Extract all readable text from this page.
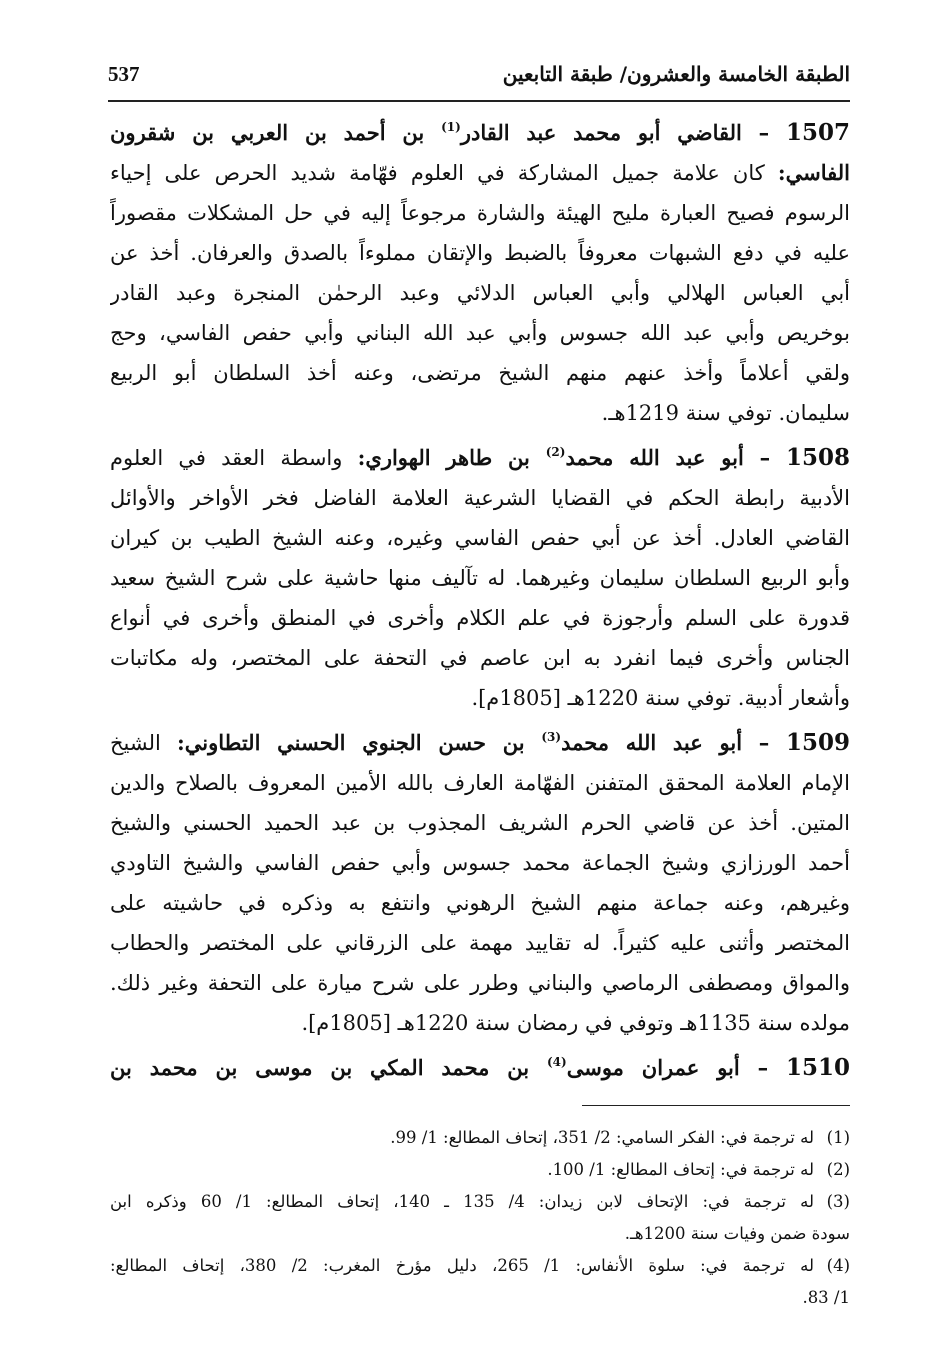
الطبقة الخامسة والعشرون/ طبقة التابعين
537
1507 – القاضي أبو محمد عبد القادر$^{(1)}$ بن أحمد بن العربي بن شقرون
الفاسي: كان علامة جميل المشاركة في العلوم فهّامة شديد الحرص على إحياء
الرسوم فصيح العبارة مليح الهيئة والشارة مرجوعاً إليه في حل المشكلات مقصوراً
عليه في دفع الشبهات معروفاً بالضبط والإتقان مملوءاً بالصدق والعرفان. أخذ عن
أبي العباس الهلالي وأبي العباس الدلائي وعبد الرحمٰن المنجرة وعبد القادر
بوخريص وأبي عبد الله جسوس وأبي عبد الله البناني وأبي حفص الفاسي، وحج
ولقي أعلاماً وأخذ عنهم منهم الشيخ مرتضى، وعنه أخذ السلطان أبو الربيع
سليمان. توفي سنة 1219هـ.
1508 – أبو عبد الله محمد$^{(2)}$ بن طاهر الهواري: واسطة العقد في العلوم
الأدبية رابطة الحكم في القضايا الشرعية العلامة الفاضل فخر الأواخر والأوائل
القاضي العادل. أخذ عن أبي حفص الفاسي وغيره، وعنه الشيخ الطيب بن كيران
وأبو الربيع السلطان سليمان وغيرهما. له تآليف منها حاشية على شرح الشيخ سعيد
قدورة على السلم وأرجوزة في علم الكلام وأخرى في المنطق وأخرى في أنواع
الجناس وأخرى فيما انفرد به ابن عاصم في التحفة على المختصر، وله مكاتبات
وأشعار أدبية. توفي سنة 1220هـ [1805م].
1509 – أبو عبد الله محمد$^{(3)}$ بن حسن الجنوي الحسني التطاوني: الشيخ
الإمام العلامة المحقق المتفنن الفهّامة العارف بالله الأمين المعروف بالصلاح والدين
المتين. أخذ عن قاضي الحرم الشريف المجذوب بن عبد الحميد الحسني والشيخ
أحمد الورزازي وشيخ الجماعة محمد جسوس وأبي حفص الفاسي والشيخ التاودي
وغيرهم، وعنه جماعة منهم الشيخ الرهوني وانتفع به وذكره في حاشيته على
المختصر وأثنى عليه كثيراً. له تقاييد مهمة على الزرقاني على المختصر والحطاب
والمواق ومصطفى الرماصي والبناني وطرر على شرح ميارة على التحفة وغير ذلك.
مولده سنة 1135هـ وتوفي في رمضان سنة 1220هـ [1805م].
1510 – أبو عمران موسى$^{(4)}$ بن محمد المكي بن موسى بن محمد بن
(1)له ترجمة في: الفكر السامي: 2/ 351، إتحاف المطالع: 1/ 99.
(2)له ترجمة في: إتحاف المطالع: 1/ 100.
(3)له ترجمة في: الإتحاف لابن زيدان: 4/ 135 ـ 140، إتحاف المطالع: 1/ 60 وذكره ابن
سودة ضمن وفيات سنة 1200هـ.
(4)له ترجمة في: سلوة الأنفاس: 1/ 265، دليل مؤرخ المغرب: 2/ 380، إتحاف المطالع:
1/ 83.
